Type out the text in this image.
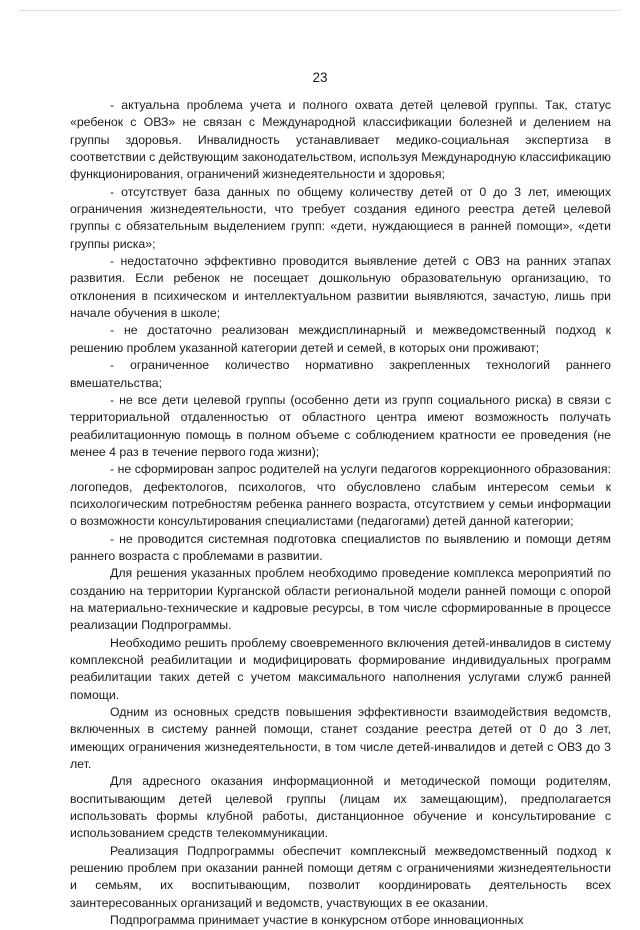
23

- актуальна проблема учета и полного охвата детей целевой группы. Так, статус «ребенок с ОВЗ» не связан с Международной классификации болезней и делением на группы здоровья. Инвалидность устанавливает медико-социальная экспертиза в соответствии с действующим законодательством, используя Международную классификацию функционирования, ограничений жизнедеятельности и здоровья;

- отсутствует база данных по общему количеству детей от 0 до 3 лет, имеющих ограничения жизнедеятельности, что требует создания единого реестра детей целевой группы с обязательным выделением групп: «дети, нуждающиеся в ранней помощи», «дети группы риска»;

- недостаточно эффективно проводится выявление детей с ОВЗ на ранних этапах развития. Если ребенок не посещает дошкольную образовательную организацию, то отклонения в психическом и интеллектуальном развитии выявляются, зачастую, лишь при начале обучения в школе;

- не достаточно реализован междисплинарный и межведомственный подход к решению проблем указанной категории детей и семей, в которых они проживают;

- ограниченное количество нормативно закрепленных технологий раннего вмешательства;

- не все дети целевой группы (особенно дети из групп социального риска) в связи с территориальной отдаленностью от областного центра имеют возможность получать реабилитационную помощь в полном объеме с соблюдением кратности ее проведения (не менее 4 раз в течение первого года жизни);

- не сформирован запрос родителей на услуги педагогов коррекционного образования: логопедов, дефектологов, психологов, что обусловлено слабым интересом семьи к психологическим потребностям ребенка раннего возраста, отсутствием у семьи информации о возможности консультирования специалистами (педагогами) детей данной категории;

- не проводится системная подготовка специалистов по выявлению и помощи детям раннего возраста с проблемами в развитии.

Для решения указанных проблем необходимо проведение комплекса мероприятий по созданию на территории Курганской области региональной модели ранней помощи с опорой на материально-технические и кадровые ресурсы, в том числе сформированные в процессе реализации Подпрограммы.

Необходимо решить проблему своевременного включения детей-инвалидов в систему комплексной реабилитации и модифицировать формирование индивидуальных программ реабилитации таких детей с учетом максимального наполнения услугами служб ранней помощи.

Одним из основных средств повышения эффективности взаимодействия ведомств, включенных в систему ранней помощи, станет создание реестра детей от 0 до 3 лет, имеющих ограничения жизнедеятельности, в том числе детей-инвалидов и детей с ОВЗ до 3 лет.

Для адресного оказания информационной и методической помощи родителям, воспитывающим детей целевой группы (лицам их замещающим), предполагается использовать формы клубной работы, дистанционное обучение и консультирование с использованием средств телекоммуникации.

Реализация Подпрограммы обеспечит комплексный межведомственный подход к решению проблем при оказании ранней помощи детям с ограничениями жизнедеятельности и семьям, их воспитывающим, позволит координировать деятельность всех заинтересованных организаций и ведомств, участвующих в ее оказании.

Подпрограмма принимает участие в конкурсном отборе инновационных
